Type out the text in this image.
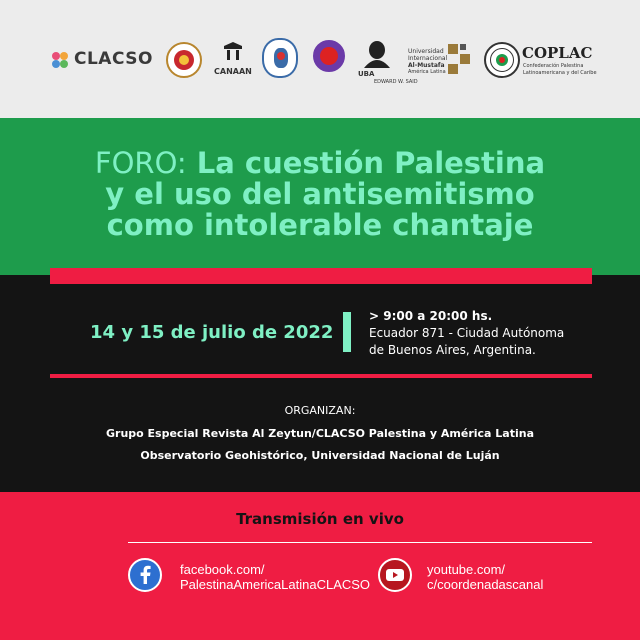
CLACSO
CANAAN	UBA
EDWARD W. SAID
Universidad
Internacional
Al-Mustafa
América Latina
COPLAC
Confederación Palestina
Latinoamericana y del Caribe
FORO: La cuestión Palestina
y el uso del antisemitismo
como intolerable chantaje
14 y 15 de julio de 2022
> 9:00 a 20:00 hs.
Ecuador 871 - Ciudad Autónoma
de Buenos Aires, Argentina.
ORGANIZAN:
Grupo Especial Revista Al Zeytun/CLACSO Palestina y América Latina
Observatorio Geohistórico, Universidad Nacional de Luján
Transmisión en vivo
facebook.com/
PalestinaAmericaLatinaCLACSO
youtube.com/
c/coordenadascanal
